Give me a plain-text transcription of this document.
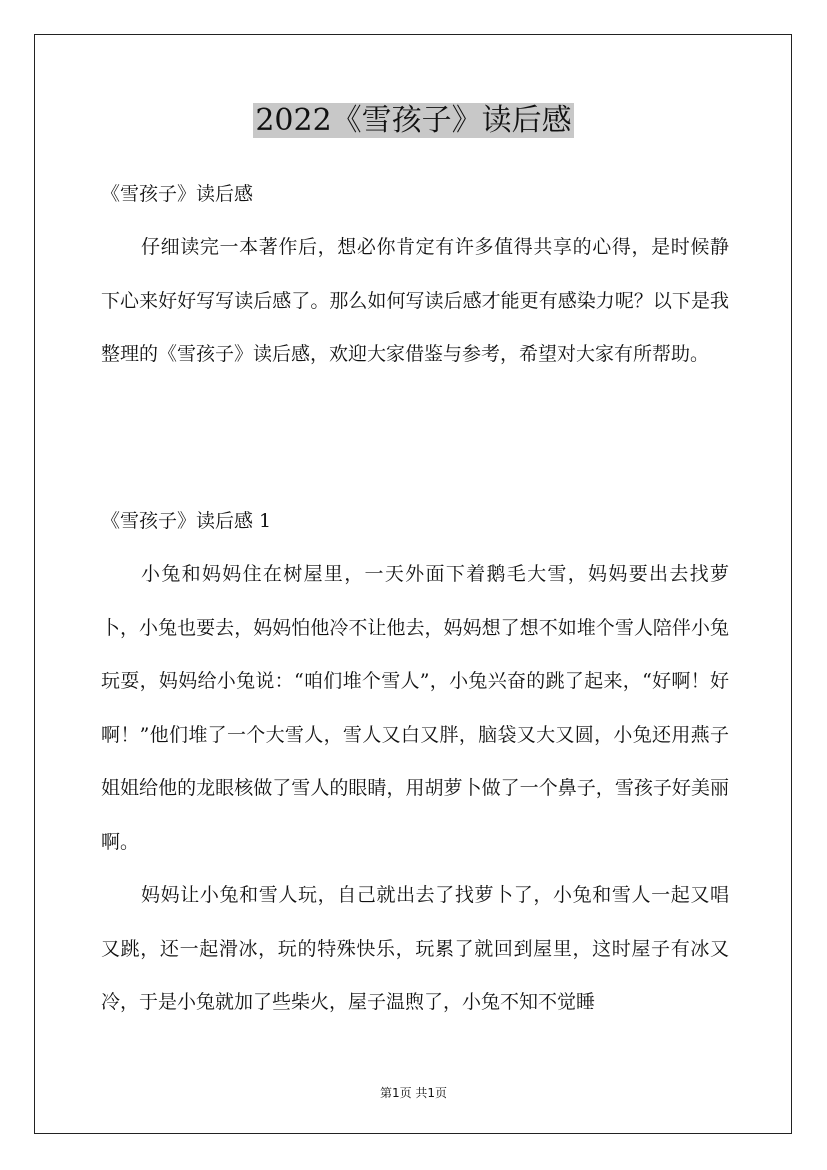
2022《雪孩子》读后感
《雪孩子》读后感

仔细读完一本著作后，想必你肯定有许多值得共享的心得，是时候静下心来好好写写读后感了。那么如何写读后感才能更有感染力呢？以下是我整理的《雪孩子》读后感，欢迎大家借鉴与参考，希望对大家有所帮助。

《雪孩子》读后感 1

小兔和妈妈住在树屋里，一天外面下着鹅毛大雪，妈妈要出去找萝卜，小兔也要去，妈妈怕他冷不让他去，妈妈想了想不如堆个雪人陪伴小兔玩耍，妈妈给小兔说：“咱们堆个雪人”，小兔兴奋的跳了起来，“好啊！好啊！”他们堆了一个大雪人，雪人又白又胖，脑袋又大又圆，小兔还用燕子姐姐给他的龙眼核做了雪人的眼睛，用胡萝卜做了一个鼻子，雪孩子好美丽啊。

妈妈让小兔和雪人玩，自己就出去了找萝卜了，小兔和雪人一起又唱又跳，还一起滑冰，玩的特殊快乐，玩累了就回到屋里，这时屋子有冰又冷，于是小兔就加了些柴火，屋子温煦了，小兔不知不觉睡

第1页 共1页
